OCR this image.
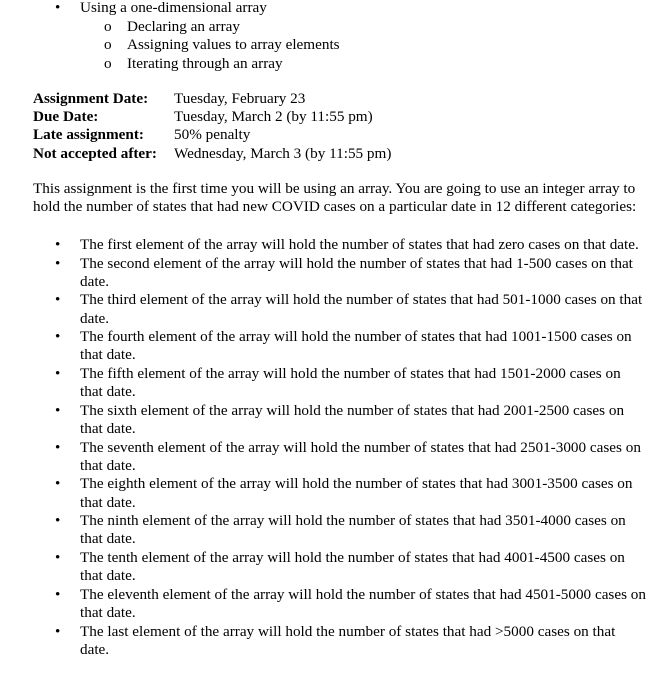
• Using a one-dimensional array
o Declaring an array
o Assigning values to array elements
o Iterating through an array
Assignment Date: Tuesday, February 23
Due Date:	Tuesday, March 2 (by 11:55 pm)
Late assignment: 50% penalty
Not accepted after: Wednesday, March 3 (by 11:55 pm)
This assignment is the first time you will be using an array. You are going to use an integer array to hold the number of states that had new COVID cases on a particular date in 12 different categories:
• The first element of the array will hold the number of states that had zero cases on that date.
• The second element of the array will hold the number of states that had 1-500 cases on that date.
• The third element of the array will hold the number of states that had 501-1000 cases on that date.
• The fourth element of the array will hold the number of states that had 1001-1500 cases on that date.
• The fifth element of the array will hold the number of states that had 1501-2000 cases on that date.
• The sixth element of the array will hold the number of states that had 2001-2500 cases on that date.
• The seventh element of the array will hold the number of states that had 2501-3000 cases on that date.
• The eighth element of the array will hold the number of states that had 3001-3500 cases on that date.
• The ninth element of the array will hold the number of states that had 3501-4000 cases on that date.
• The tenth element of the array will hold the number of states that had 4001-4500 cases on that date.
• The eleventh element of the array will hold the number of states that had 4501-5000 cases on that date.
• The last element of the array will hold the number of states that had >5000 cases on that date.
